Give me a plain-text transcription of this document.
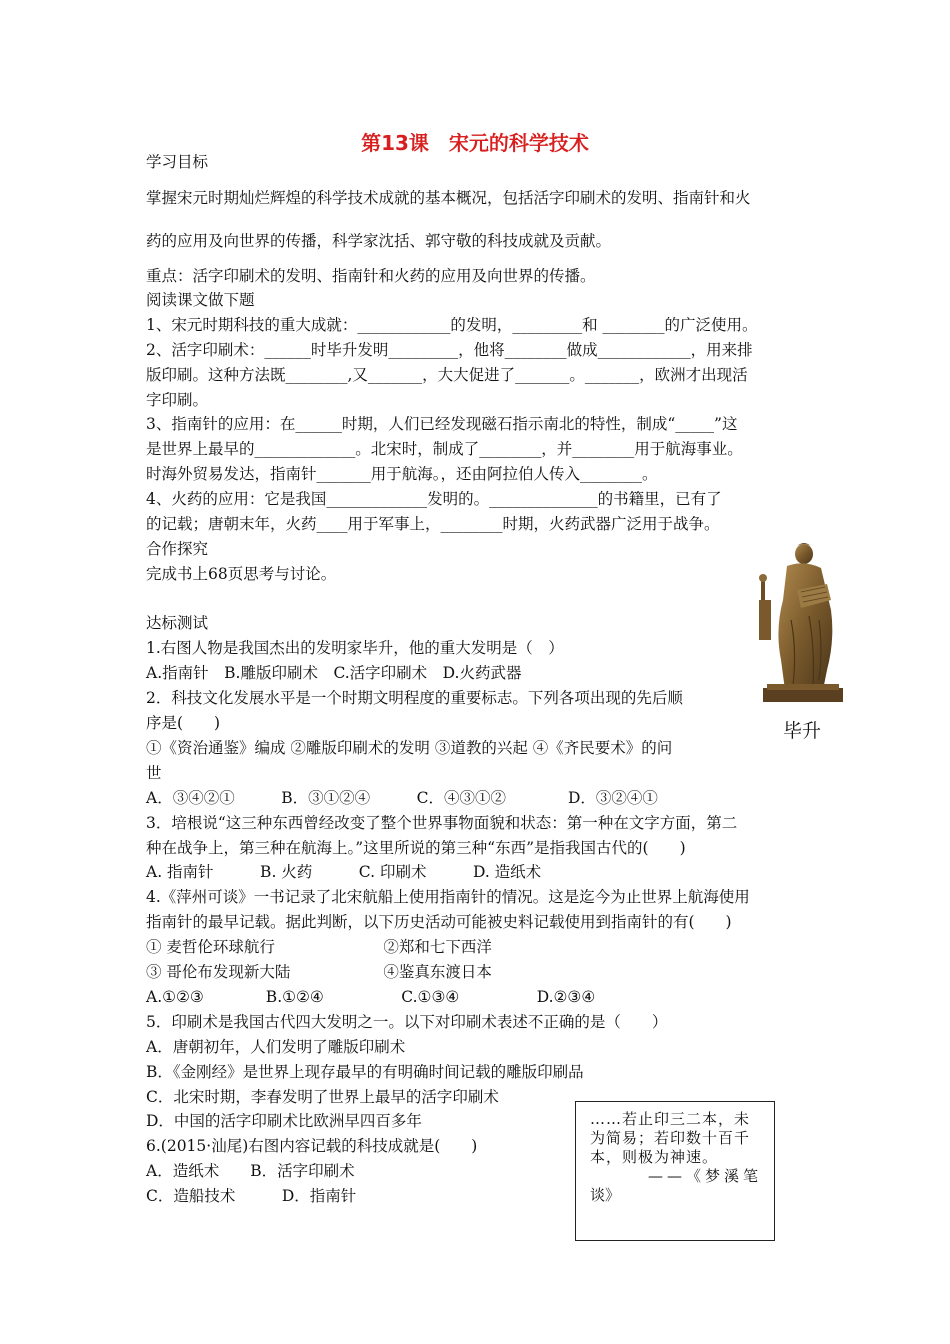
第13课　宋元的科学技术
学习目标
掌握宋元时期灿烂辉煌的科学技术成就的基本概况，包括活字印刷术的发明、指南针和火
药的应用及向世界的传播，科学家沈括、郭守敬的科技成就及贡献。
重点：活字印刷术的发明、指南针和火药的应用及向世界的传播。
阅读课文做下题
1、宋元时期科技的重大成就：____________的发明，_________和 ________的广泛使用。
2、活字印刷术：______时毕升发明_________，他将________做成____________，用来排
版印刷。这种方法既________,又_______，大大促进了_______。_______，欧洲才出现活
字印刷。
3、指南针的应用：在______时期，人们已经发现磁石指示南北的特性，制成“_____”这
是世界上最早的_____________。北宋时，制成了________，并________用于航海事业。
时海外贸易发达，指南针_______用于航海。，还由阿拉伯人传入________。
4、火药的应用：它是我国_____________发明的。______________的书籍里，已有了
的记载；唐朝末年，火药____用于军事上，________时期，火药武器广泛用于战争。
合作探究
完成书上68页思考与讨论。
达标测试
1.右图人物是我国杰出的发明家毕升，他的重大发明是（　）
A.指南针　B.雕版印刷术　C.活字印刷术　D.火药武器
2．科技文化发展水平是一个时期文明程度的重要标志。下列各项出现的先后顺
序是(　　)
①《资治通鉴》编成 ②雕版印刷术的发明 ③道教的兴起 ④《齐民要术》的问
世
A．③④②①　　　B．③①②④　　　C．④③①②　　　　D．③②④①
3．培根说“这三种东西曾经改变了整个世界事物面貌和状态：第一种在文字方面，第二
种在战争上，第三种在航海上。”这里所说的第三种“东西”是指我国古代的(　　)
A. 指南针　　　B. 火药　　　C. 印刷术　　　D. 造纸术
4.《萍州可谈》一书记录了北宋航船上使用指南针的情况。这是迄今为止世界上航海使用
指南针的最早记载。据此判断，以下历史活动可能被史料记载使用到指南针的有(　　)
① 麦哲伦环球航行　　　　　　　②郑和七下西洋
③ 哥伦布发现新大陆　　　　　　④鉴真东渡日本
A.①②③　　　　B.①②④　　　　　C.①③④　　　　　D.②③④
5．印刷术是我国古代四大发明之一。以下对印刷术表述不正确的是（　　）
A．唐朝初年，人们发明了雕版印刷术
B．《金刚经》是世界上现存最早的有明确时间记载的雕版印刷品
C．北宋时期，李春发明了世界上最早的活字印刷术
D．中国的活字印刷术比欧洲早四百多年
6.(2015·汕尾)右图内容记载的科技成就是(　　)
A．造纸术　　B．活字印刷术
C．造船技术　　　D．指南针
毕升
……若止印三二本，未为简易；若印数十百千本，则极为神速。
——《梦溪笔
谈》
